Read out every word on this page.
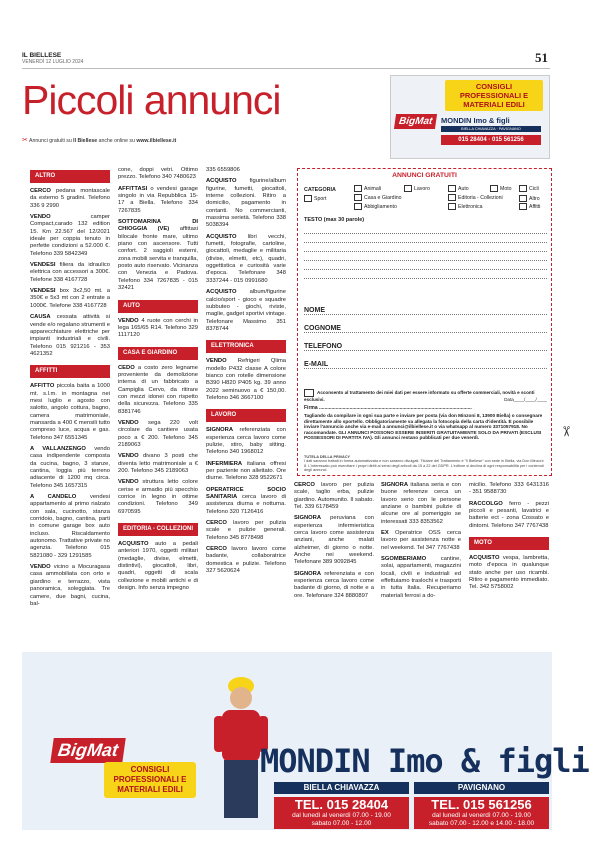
IL BIELLESE
VENERDÌ 12 LUGLIO 2024	51
Piccoli annunci
✂ Annunci gratuiti su Il Biellese anche online su www.ilbiellese.it
CONSIGLI PROFESSIONALI E MATERIALI EDILI
BigMat	MONDIN Imo & figli
BIELLA CHIAVAZZA · PAVIGNANO
015 28404 · 015 561256
ALTRO
CERCO pedana montascale da esterno 5 gradini. Telefono 336 9 2990
VENDO	camper Compact,carado 132 edition 15. Km 22.567 del 12/2021 ideale per coppia tenuto in perfette condizioni a 52.000 €. Telefono 339 5842349
VENDESI filiera da idraulico elettrica con accessori a 300€. Telefone 338 4167728
VENDESI box 3x2,50 mt. a 350€ e 5x3 mt con 2 entrate a 1000€. Telefone 338 4167728
CAUSA cessata attività si vende e/o regalano strumenti e apparecchiature elettriche per impianti industriali e civili. Telefono 015 921216 - 353 4621352
AFFITTI
AFFITTO piccola baita a 1000 mt. s.l.m. in montagna nei mesi luglio e agosto con salotto, angolo cottura, bagno, camera matrimoniale, mansarda a 400 € mensili tutto compreso luce, acqua e gas. Telefono 347 6551345
A VALLANZENGO vendo casa indipendente composta da cucina, bagno, 3 stanze, cantina, loggia più terreno adiacente di 1200 mq circa. Telefono 345 1657315
A CANDELO vendesi appartamento al primo rialzato con sala, cucinotto, stanza corridoio, bagno, cantina, parti in comune garage box auto incluso. Riscaldamento autonomo. Trattative private no agenzia. Telefono 015 5821080 - 329 1291585
VENDO vicino a Mocuragasa casa ammobiliata con orto e giardino e terrazzo, vista panoramica, soleggiata. Tre camere, due bagni, cucina, bal-
cone, doppi vetri. Ottimo prezzo. Telefono 340 7480623
AFFITTASI o vendesi garage singolo in via Repubblica 15-17 a Biella. Telefono 334 7267835
SOTTOMARINA DI CHIOGGIA (VE) affittasi bilocale fronte mare, ultimo piano con ascensore. Tutti confort. 2 saggioli esterni, zona mobili servita e tranquilla, posto auto riservato. Vicinanza con Venezia e Padova. Telefono 334 7267835 - 015 32421
AUTO
VENDO 4 ruote con cerchi in lega 165/65 R14. Telefono 329 1117120
CASA E GIARDINO
CEDO a costo zero legname proveniente da demolizione interna di un fabbricato a Campiglia Cervo, da ritirare con mezzi idonei con rispetto della sicurezza. Telefono 335 8381746
VENDO sega 220 volt circolare da cantiere usata poco a € 200. Telefono 345 2189063
VENDO divano 3 posti che diventa letto matrimoniale a € 200. Telefono 345 2189063
VENDO struttura letto colore cerise e armadio più specchio corrice in legno in ottime condizioni. Telefono 349 6970595
EDITORIA - COLLEZIONI
ACQUISTO auto a pedali anteriori 1970, oggetti militari (medaglie, divise, elmetti, distintivi), giocattoli, libri, quadri, oggetti di scala collezione e mobili antichi e di design. Info senza impegno
335 6559806
ACQUISTO figurine/album figurine, fumetti, giocattoli, interne collezioni. Ritiro a domicilio, pagamento in contanti. No commercianti, massima serietà. Telefono 338 5038394
ACQUISTO libri vecchi, fumetti, fotografie, cartoline, giocattoli, medaglie e militaria (divise, elmetti, etc), quadri, oggettistica e curiosità varie d'epoca. Telefonare 348 3337244 - 015 0991680
ACQUISTO album/figurine calcio/sport - gioco e squadre subbuteo - giochi, riviste, maglie, gadget sportivi vintage. Telefonare Massimo 351 8378744
ELETTRONICA
VENDO Refrigeri Qlima modello P432 classe A colore bianco con rotelle dimensione B390 H820 P405 kg. 39 anno 2022 seminuovo a € 150,00. Telefono 346 3667100
LAVORO
SIGNORA referenziata con esperienza cerca lavoro come pulizie, stiro, baby sitting. Telefono 340 1968012
INFERMIERA italiana offresi per paziente non allettato. Ore diurne. Telefono 328 9522671
OPERATRICE SOCIO SANITARIA cerca lavoro di assistenza diurna e notturna. Telefono 320 7126416
CERCO lavoro per pulizia scale e pulizie generali. Telefono 345 8778498
CERCO lavoro lavoro come badante, collaboratrice domestica e pulizie. Telefono 327 5620624
CERCO lavoro per pulizia scale, taglio erba, pulizie giardino. Automunito. Il sabato. Tel. 339 6178459
SIGNORA peruviana con esperienza infermieristica cerca lavoro come assistenza anziani, anche malati alzheimer, di giorno o notte. Anche nei weekend. Telefonare 389 9092845
SIGNORA referenziata e con esperienza cerca lavoro come badante di giorno, di notte e a ore. Telefonare 324 8880897
SIGNORA italiana seria e con buone referenze cerca un lavoro serio con le persone anziane o bambini pulizie di alcune ore al pomeriggio se interessati 333 8353562
EX Operatrice OSS cerca lavoro per assistenza notte e nel weekend. Tel 347 7767438
SGOMBERIAMO	cantine, solai, appartamenti, magazzini locali, civili e industriali ed effettuiamo traslochi e trasporti in tutta Italia. Recuperiamo materiali ferrosi a do-
micilio. Telefono 333 6431316 - 351 9588730
RACCOLGO ferro - pezzi piccoli e pesanti, lavatrici e batterie ect - zona Cossato e dintorni. Telefono 347 7767438
MOTO
ACQUISTO vespa, lambretta, moto d'epoca in qualunque stato anche per uso ricambi. Ritiro e pagamento immediato. Tel. 342 5758002
ANNUNCI GRATUITI
CATEGORIA
Sport
Animali
Casa e Giardino
Abbigliamento
Lavoro	Auto
Editoria - Collezioni
Elettronica
Moto
Altro
Cicli
Affitti
TESTO (max 30 parole)
NOME
COGNOME
TELEFONO
E-MAIL
Acconsento al trattamento dei miei dati per essere informato su offerte commerciali, novità e sconti esclusivi.	Data____/____/____
Firma ..............................................................................................................
Tagliando da compilare in ogni sua parte e inviare per posta (via don Minzoni 8, 13900 Biella) o consegnare direttamente allo sportello. Obbligatoriamente va allegata la fotocopia della carta d'identità. È possibile inviare l'annuncio anche via e-mail a annunci@ilbiellese.it o via whatsapp al numero 3371057918. No raccomandate. GLI ANNUNCI POSSONO ESSERE INSERITI GRATUITAMENTE SOLO DA PRIVATI (ESCLUSI POSSESSORI DI PARTITA IVA). Gli annunci restano pubblicati per due venerdì.
TUTELA DELLA PRIVACY
I dati saranno trattati in forma automatizzata e non saranno divulgati. Titolare del Trattamento è "Il Biellese" con sede in Biella, via Don Minzoni 8. L'interessato può esercitare i propri diritti ai sensi degli articoli da 15 a 22 del GDPR. L'editore si declina di ogni responsabilità per i contenuti degli annunci.
✂
BigMat
CONSIGLI PROFESSIONALI E MATERIALI EDILI
MONDIN Imo & figli
BIELLA CHIAVAZZA	PAVIGNANO
TEL. 015 28404
dal lunedì al venerdì 07.00 - 19.00
sabato 07.00 - 12.00
TEL. 015 561256
dal lunedì al venerdì 07.00 - 19.00
sabato 07.00 - 12.00 e 14.00 - 18.00
